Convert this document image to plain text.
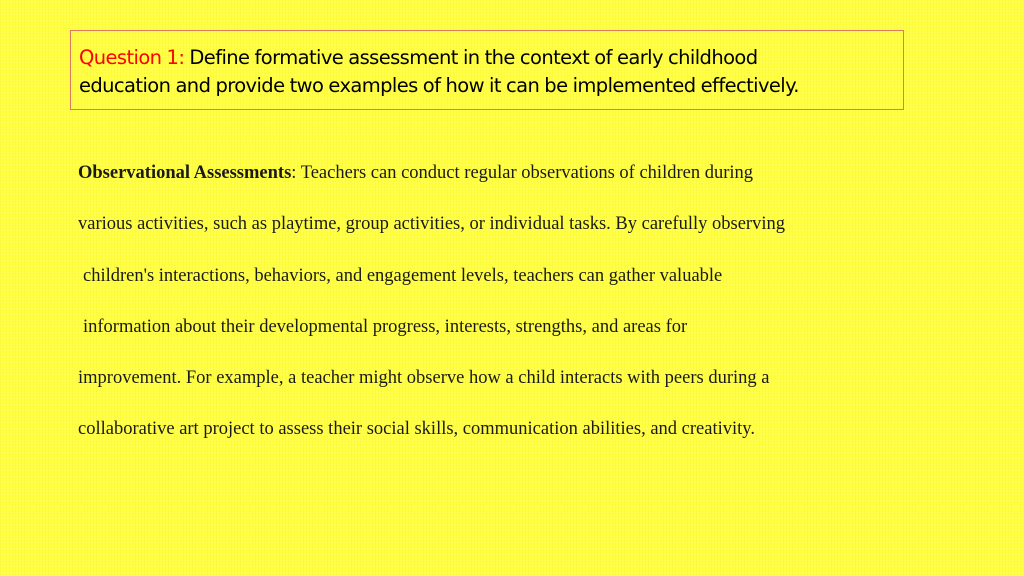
Question 1: Define formative assessment in the context of early childhood
education and provide two examples of how it can be implemented effectively.
Observational Assessments: Teachers can conduct regular observations of children during
various activities, such as playtime, group activities, or individual tasks. By carefully observing
children's interactions, behaviors, and engagement levels, teachers can gather valuable
information about their developmental progress, interests, strengths, and areas for
improvement. For example, a teacher might observe how a child interacts with peers during a
collaborative art project to assess their social skills, communication abilities, and creativity.
